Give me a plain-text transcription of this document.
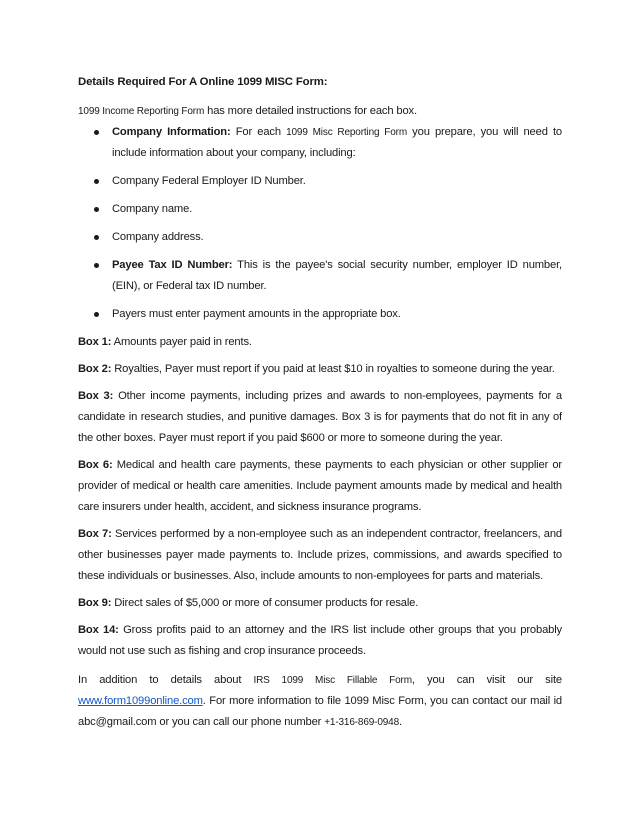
Details Required For A Online 1099 MISC Form:

1099 Income Reporting Form has more detailed instructions for each box.

Company Information: For each 1099 Misc Reporting Form you prepare, you will need to include information about your company, including:
Company Federal Employer ID Number.
Company name.
Company address.
Payee Tax ID Number: This is the payee's social security number, employer ID number, (EIN), or Federal tax ID number.
Payers must enter payment amounts in the appropriate box.

Box 1: Amounts payer paid in rents.

Box 2: Royalties, Payer must report if you paid at least $10 in royalties to someone during the year.

Box 3: Other income payments, including prizes and awards to non-employees, payments for a candidate in research studies, and punitive damages. Box 3 is for payments that do not fit in any of the other boxes. Payer must report if you paid $600 or more to someone during the year.

Box 6: Medical and health care payments, these payments to each physician or other supplier or provider of medical or health care amenities. Include payment amounts made by medical and health care insurers under health, accident, and sickness insurance programs.

Box 7: Services performed by a non-employee such as an independent contractor, freelancers, and other businesses payer made payments to. Include prizes, commissions, and awards specified to these individuals or businesses. Also, include amounts to non-employees for parts and materials.

Box 9: Direct sales of $5,000 or more of consumer products for resale.

Box 14: Gross profits paid to an attorney and the IRS list include other groups that you probably would not use such as fishing and crop insurance proceeds.

In addition to details about IRS 1099 Misc Fillable Form, you can visit our site www.form1099online.com. For more information to file 1099 Misc Form, you can contact our mail id abc@gmail.com or you can call our phone number +1-316-869-0948.
